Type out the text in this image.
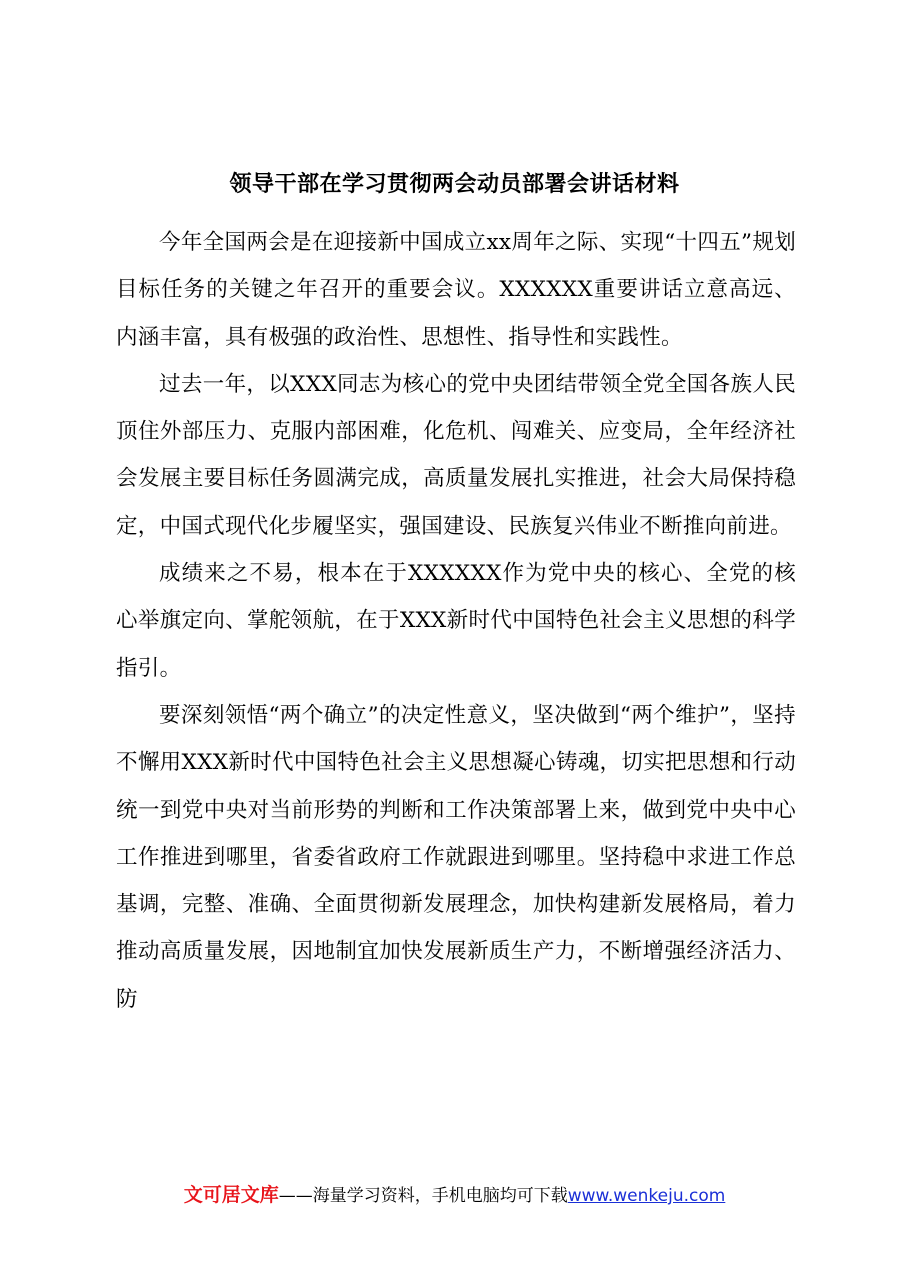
领导干部在学习贯彻两会动员部署会讲话材料

今年全国两会是在迎接新中国成立xx周年之际、实现“十四五”规划目标任务的关键之年召开的重要会议。XXXXXX重要讲话立意高远、内涵丰富，具有极强的政治性、思想性、指导性和实践性。

过去一年，以XXX同志为核心的党中央团结带领全党全国各族人民顶住外部压力、克服内部困难，化危机、闯难关、应变局，全年经济社会发展主要目标任务圆满完成，高质量发展扎实推进，社会大局保持稳定，中国式现代化步履坚实，强国建设、民族复兴伟业不断推向前进。

成绩来之不易，根本在于XXXXXX作为党中央的核心、全党的核心举旗定向、掌舵领航，在于XXX新时代中国特色社会主义思想的科学指引。

要深刻领悟“两个确立”的决定性意义，坚决做到“两个维护”，坚持不懈用XXX新时代中国特色社会主义思想凝心铸魂，切实把思想和行动统一到党中央对当前形势的判断和工作决策部署上来，做到党中央中心工作推进到哪里，省委省政府工作就跟进到哪里。坚持稳中求进工作总基调，完整、准确、全面贯彻新发展理念，加快构建新发展格局，着力推动高质量发展，因地制宜加快发展新质生产力，不断增强经济活力、防

文可居文库——海量学习资料，手机电脑均可下载www.wenkeju.com
